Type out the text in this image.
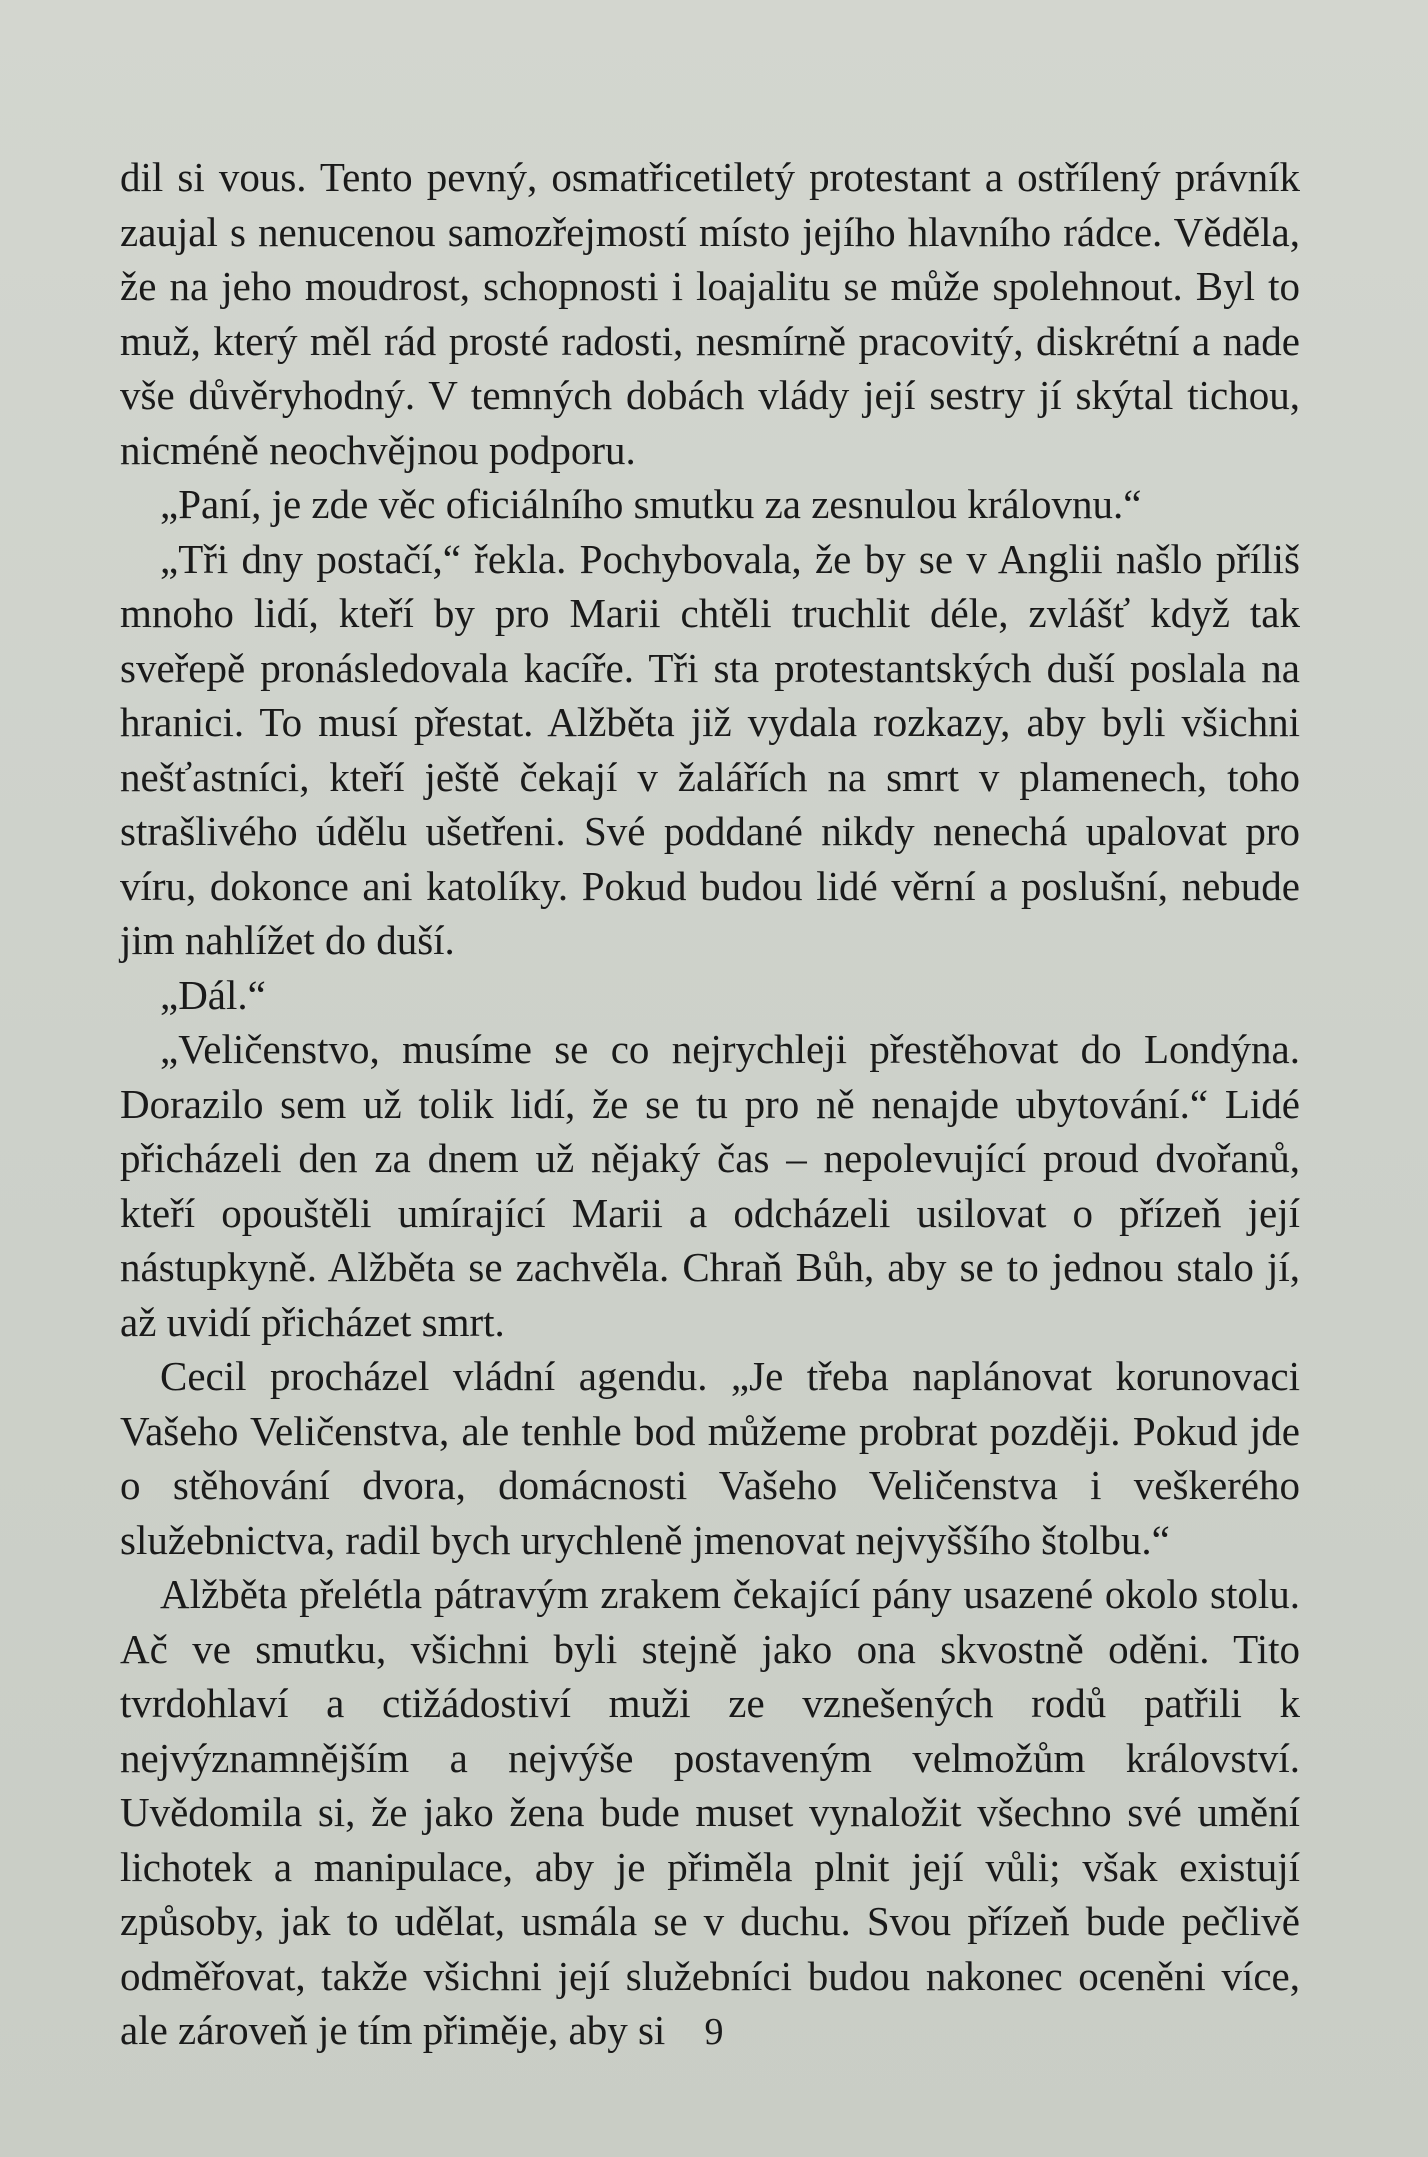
dil si vous. Tento pevný, osmatřicetiletý protestant a ostřílený právník zaujal s nenucenou samozřejmostí místo jejího hlavního rádce. Věděla, že na jeho moudrost, schopnosti i loajalitu se může spolehnout. Byl to muž, který měl rád prosté radosti, nesmírně pracovitý, diskrétní a nade vše důvěryhodný. V temných dobách vlády její sestry jí skýtal tichou, nicméně neochvějnou podporu.

„Paní, je zde věc oficiálního smutku za zesnulou královnu.“

„Tři dny postačí,“ řekla. Pochybovala, že by se v Anglii našlo příliš mnoho lidí, kteří by pro Marii chtěli truchlit déle, zvlášť když tak sveřepě pronásledovala kacíře. Tři sta protestantských duší poslala na hranici. To musí přestat. Alžběta již vydala rozkazy, aby byli všichni nešťastníci, kteří ještě čekají v žalářích na smrt v plamenech, toho strašlivého údělu ušetřeni. Své poddané nikdy nenechá upalovat pro víru, dokonce ani katolíky. Pokud budou lidé věrní a poslušní, nebude jim nahlížet do duší.

„Dál.“

„Veličenstvo, musíme se co nejrychleji přestěhovat do Londýna. Dorazilo sem už tolik lidí, že se tu pro ně nenajde ubytování.“ Lidé přicházeli den za dnem už nějaký čas – nepolevující proud dvořanů, kteří opouštěli umírající Marii a odcházeli usilovat o přízeň její nástupkyně. Alžběta se zachvěla. Chraň Bůh, aby se to jednou stalo jí, až uvidí přicházet smrt.

Cecil procházel vládní agendu. „Je třeba naplánovat korunovaci Vašeho Veličenstva, ale tenhle bod můžeme probrat později. Pokud jde o stěhování dvora, domácnosti Vašeho Veličenstva i veškerého služebnictva, radil bych urychleně jmenovat nejvyššího štolbu.“

Alžběta přelétla pátravým zrakem čekající pány usazené okolo stolu. Ač ve smutku, všichni byli stejně jako ona skvostně oděni. Tito tvrdohlaví a ctižádostiví muži ze vznešených rodů patřili k nejvýznamnějším a nejvýše postaveným velmožům království. Uvědomila si, že jako žena bude muset vynaložit všechno své umění lichotek a manipulace, aby je přiměla plnit její vůli; však existují způsoby, jak to udělat, usmála se v duchu. Svou přízeň bude pečlivě odměřovat, takže všichni její služebníci budou nakonec oceněni více, ale zároveň je tím přiměje, aby si	9
